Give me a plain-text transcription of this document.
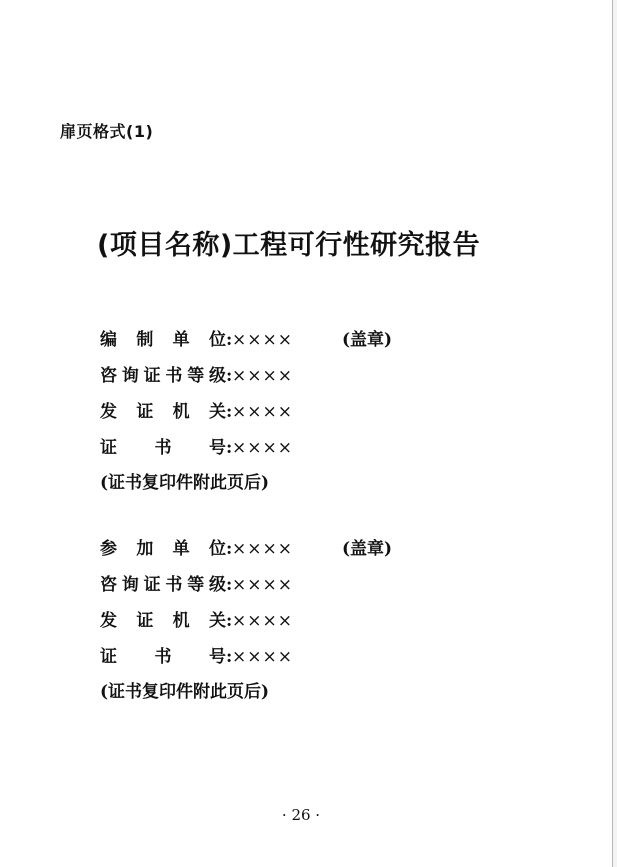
扉页格式(1)
(项目名称)工程可行性研究报告
编制单位 : ××××	(盖章)
咨询证书等级 : ××××
发证机关 : ××××
证书号 : ××××
(证书复印件附此页后)
参加单位 : ××××	(盖章)
咨询证书等级 : ××××
发证机关 : ××××
证书号 : ××××
(证书复印件附此页后)
· 26 ·
